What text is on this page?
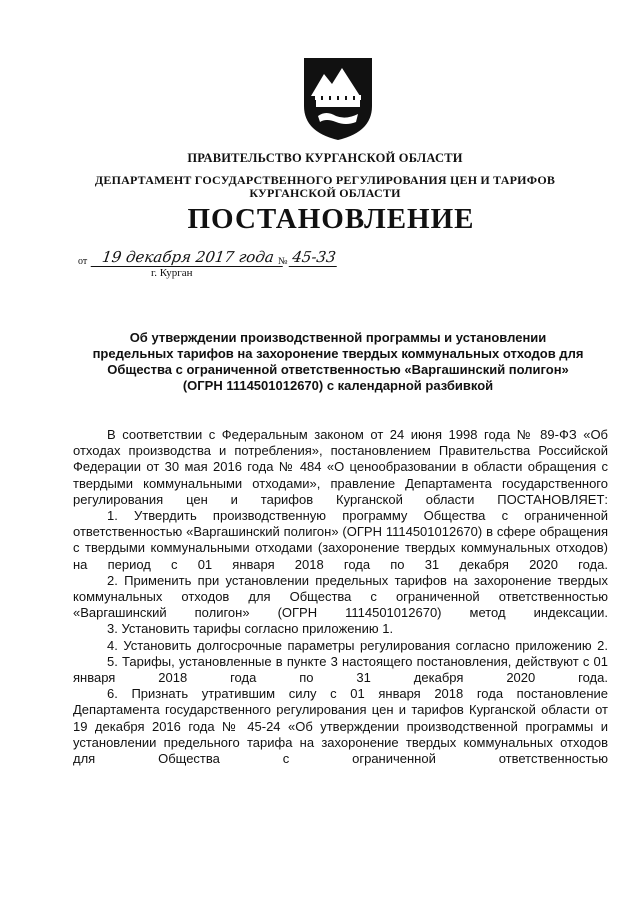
ПРАВИТЕЛЬСТВО КУРГАНСКОЙ ОБЛАСТИ
ДЕПАРТАМЕНТ ГОСУДАРСТВЕННОГО РЕГУЛИРОВАНИЯ ЦЕН И ТАРИФОВ
КУРГАНСКОЙ ОБЛАСТИ
ПОСТАНОВЛЕНИЕ
от 19 декабря 2017 года № 45-33
г. Курган
Об утверждении производственной программы и установлении
предельных тарифов на захоронение твердых коммунальных отходов для
Общества с ограниченной ответственностью «Варгашинский полигон»
(ОГРН 1114501012670) с календарной разбивкой

В соответствии с Федеральным законом от 24 июня 1998 года № 89-ФЗ «Об отходах производства и потребления», постановлением Правительства Российской Федерации от 30 мая 2016 года № 484 «О ценообразовании в области обращения с твердыми коммунальными отходами», правление Департамента государственного регулирования цен и тарифов Курганской области ПОСТАНОВЛЯЕТ:

1. Утвердить производственную программу Общества с ограниченной ответственностью «Варгашинский полигон» (ОГРН 1114501012670) в сфере обращения с твердыми коммунальными отходами (захоронение твердых коммунальных отходов) на период с 01 января 2018 года по 31 декабря 2020 года.

2. Применить при установлении предельных тарифов на захоронение твердых коммунальных отходов для Общества с ограниченной ответственностью «Варгашинский полигон» (ОГРН 1114501012670) метод индексации.

3. Установить тарифы согласно приложению 1.

4. Установить долгосрочные параметры регулирования согласно приложению 2.

5. Тарифы, установленные в пункте 3 настоящего постановления, действуют с 01 января 2018 года по 31 декабря 2020 года.

6. Признать утратившим силу с 01 января 2018 года постановление Департамента государственного регулирования цен и тарифов Курганской области от 19 декабря 2016 года № 45-24 «Об утверждении производственной программы и установлении предельного тарифа на захоронение твердых коммунальных отходов для Общества с ограниченной ответственностью
